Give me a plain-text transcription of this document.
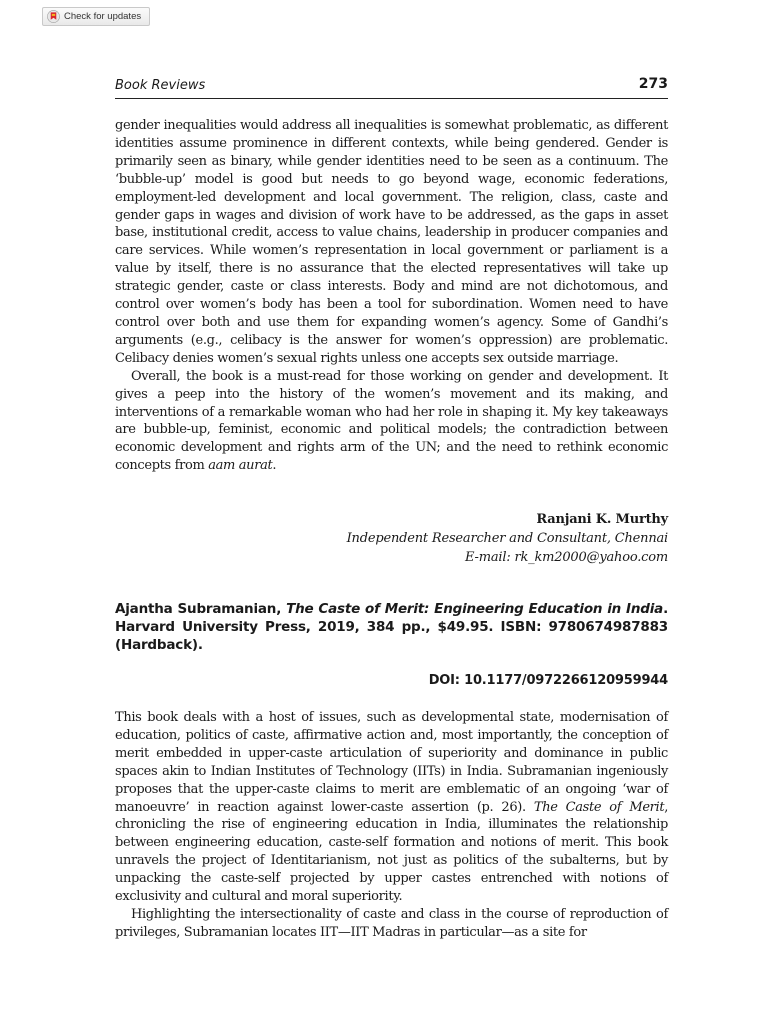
Check for updates
Book Reviews	273

gender inequalities would address all inequalities is somewhat problematic, as different identities assume prominence in different contexts, while being gendered. Gender is primarily seen as binary, while gender identities need to be seen as a continuum. The ‘bubble-up’ model is good but needs to go beyond wage, economic federations, employment-led development and local government. The religion, class, caste and gender gaps in wages and division of work have to be addressed, as the gaps in asset base, institutional credit, access to value chains, leadership in producer companies and care services. While women’s representation in local government or parliament is a value by itself, there is no assurance that the elected representatives will take up strategic gender, caste or class interests. Body and mind are not dichotomous, and control over women’s body has been a tool for subordination. Women need to have control over both and use them for expanding women’s agency. Some of Gandhi’s arguments (e.g., celibacy is the answer for women’s oppression) are problematic. Celibacy denies women’s sexual rights unless one accepts sex outside marriage.

Overall, the book is a must-read for those working on gender and development. It gives a peep into the history of the women’s movement and its making, and interventions of a remarkable woman who had her role in shaping it. My key takeaways are bubble-up, feminist, economic and political models; the contradiction between economic development and rights arm of the UN; and the need to rethink economic concepts from aam aurat.

Ranjani K. Murthy
Independent Researcher and Consultant, Chennai
E-mail: rk_km2000@yahoo.com
Ajantha Subramanian, The Caste of Merit: Engineering Education in India. Harvard University Press, 2019, 384 pp., $49.95. ISBN: 9780674987883 (Hardback).
DOI: 10.1177/0972266120959944

This book deals with a host of issues, such as developmental state, modernisation of education, politics of caste, affirmative action and, most importantly, the conception of merit embedded in upper-caste articulation of superiority and dominance in public spaces akin to Indian Institutes of Technology (IITs) in India. Subramanian ingeniously proposes that the upper-caste claims to merit are emblematic of an ongoing ‘war of manoeuvre’ in reaction against lower-caste assertion (p. 26). The Caste of Merit, chronicling the rise of engineering education in India, illuminates the relationship between engineering education, caste-self formation and notions of merit. This book unravels the project of Identitarianism, not just as politics of the subalterns, but by unpacking the caste-self projected by upper castes entrenched with notions of exclusivity and cultural and moral superiority.

Highlighting the intersectionality of caste and class in the course of reproduction of privileges, Subramanian locates IIT—IIT Madras in particular—as a site for
